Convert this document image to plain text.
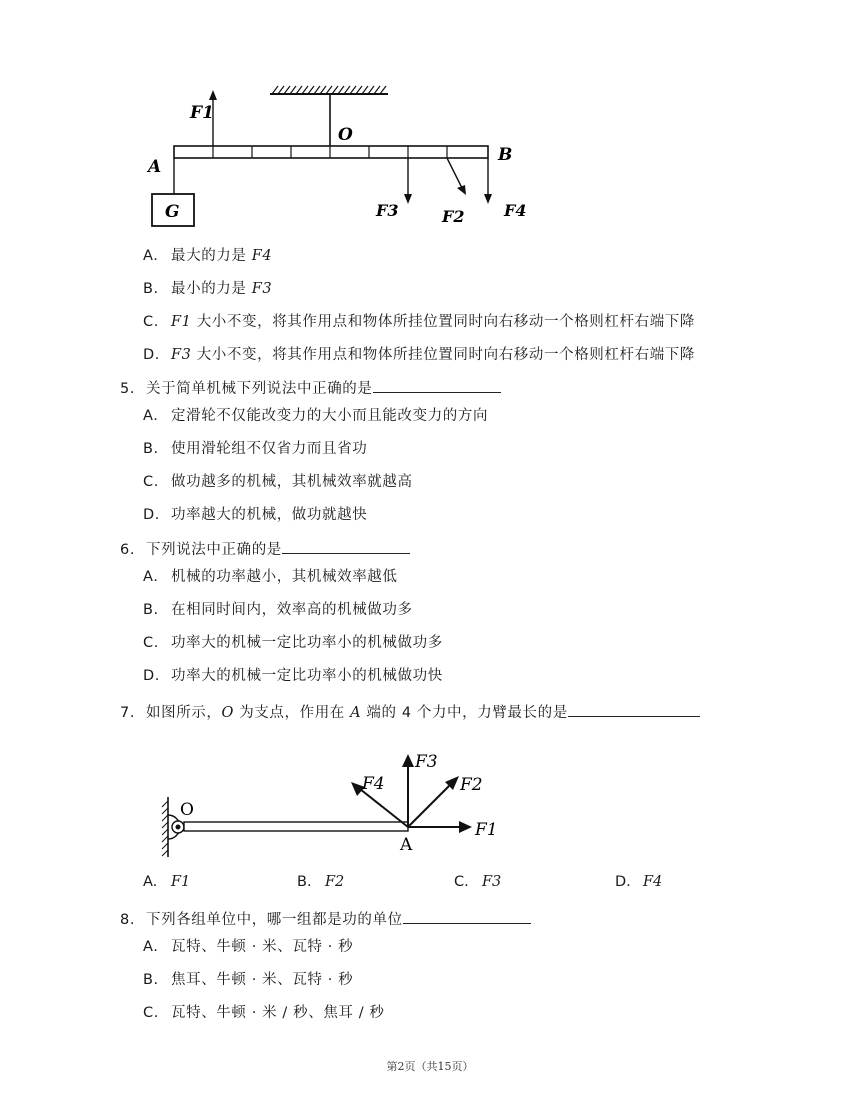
F1
O
A
B
G	F3	F2 F4
A. 最大的力是 F4
B. 最小的力是 F3
C. F1 大小不变，将其作用点和物体所挂位置同时向右移动一个格则杠杆右端下降
D. F3 大小不变，将其作用点和物体所挂位置同时向右移动一个格则杠杆右端下降
5. 关于简单机械下列说法中正确的是
A. 定滑轮不仅能改变力的大小而且能改变力的方向
B. 使用滑轮组不仅省力而且省功
C. 做功越多的机械，其机械效率就越高
D. 功率越大的机械，做功就越快
6. 下列说法中正确的是
A. 机械的功率越小，其机械效率越低
B. 在相同时间内，效率高的机械做功多
C. 功率大的机械一定比功率小的机械做功多
D. 功率大的机械一定比功率小的机械做功快
7. 如图所示，O 为支点，作用在 A 端的 4 个力中，力臂最长的是
O
A
F1
F2
F3
F4
A. F1	B. F2	C. F3	D. F4
8. 下列各组单位中，哪一组都是功的单位
A. 瓦特、牛顿 · 米、瓦特 · 秒
B. 焦耳、牛顿 · 米、瓦特 · 秒
C. 瓦特、牛顿 · 米 / 秒、焦耳 / 秒
第2页（共15页）
